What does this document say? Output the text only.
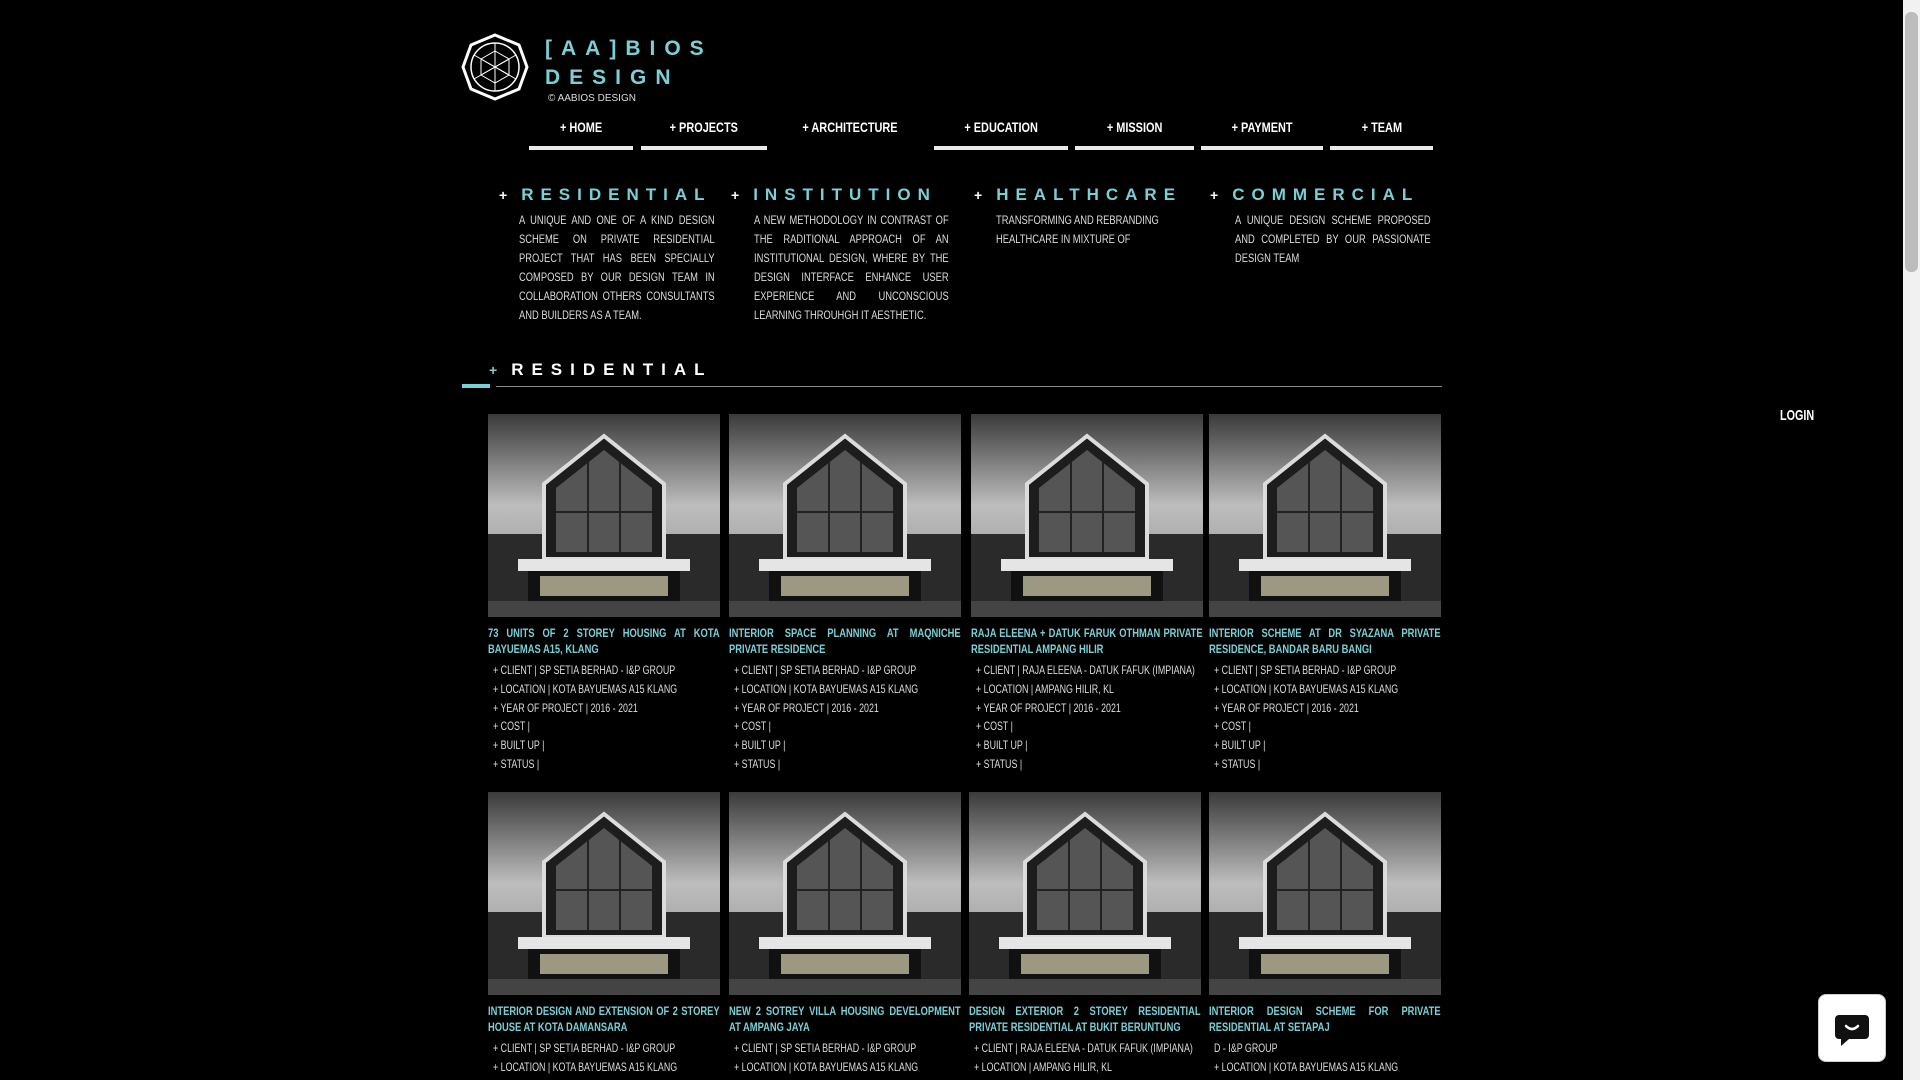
[AA]BIOS
DESIGN
© AABIOS DESIGN
+ HOME	+ PROJECTS	+ ARCHITECTURE	+ EDUCATION	+ MISSION	+ PAYMENT	+ TEAM
+ RESIDENTIAL
A UNIQUE AND ONE OF A KIND DESIGN SCHEME ON PRIVATE RESIDENTIAL PROJECT THAT HAS BEEN SPECIALLY COMPOSED BY OUR DESIGN TEAM IN COLLABORATION OTHERS CONSULTANTS AND BUILDERS AS A TEAM.
+ INSTITUTION
A NEW METHODOLOGY IN CONTRAST OF THE RADITIONAL APPROACH OF AN INSTITUTIONAL DESIGN, WHERE BY THE DESIGN INTERFACE ENHANCE USER EXPERIENCE AND UNCONSCIOUS LEARNING THROUHGH IT AESTHETIC.
+ HEALTHCARE
TRANSFORMING AND REBRANDING HEALTHCARE IN MIXTURE OF
+ COMMERCIAL
A UNIQUE DESIGN SCHEME PROPOSED AND COMPLETED BY OUR PASSIONATE DESIGN TEAM
+ RESIDENTIAL
LOGIN
73 UNITS OF 2 STOREY HOUSING AT KOTA BAYUEMAS A15, KLANG
+ CLIENT | SP SETIA BERHAD - I&P GROUP
+ LOCATION | KOTA BAYUEMAS A15 KLANG
+ YEAR OF PROJECT | 2016 - 2021
+ COST |
+ BUILT UP |
+ STATUS |
INTERIOR SPACE PLANNING AT MAQNICHE PRIVATE RESIDENCE
+ CLIENT | SP SETIA BERHAD - I&P GROUP
+ LOCATION | KOTA BAYUEMAS A15 KLANG
+ YEAR OF PROJECT | 2016 - 2021
+ COST |
+ BUILT UP |
+ STATUS |
RAJA ELEENA + DATUK FARUK OTHMAN PRIVATE RESIDENTIAL AMPANG HILIR
+ CLIENT | RAJA ELEENA - DATUK FAFUK (IMPIANA)
+ LOCATION | AMPANG HILIR, KL
+ YEAR OF PROJECT | 2016 - 2021
+ COST |
+ BUILT UP |
+ STATUS |
INTERIOR SCHEME AT DR SYAZANA PRIVATE RESIDENCE, BANDAR BARU BANGI
+ CLIENT | SP SETIA BERHAD - I&P GROUP
+ LOCATION | KOTA BAYUEMAS A15 KLANG
+ YEAR OF PROJECT | 2016 - 2021
+ COST |
+ BUILT UP |
+ STATUS |
INTERIOR DESIGN AND EXTENSION OF 2 STOREY HOUSE AT KOTA DAMANSARA
+ CLIENT | SP SETIA BERHAD - I&P GROUP
+ LOCATION | KOTA BAYUEMAS A15 KLANG
NEW 2 SOTREY VILLA HOUSING DEVELOPMENT AT AMPANG JAYA
+ CLIENT | SP SETIA BERHAD - I&P GROUP
+ LOCATION | KOTA BAYUEMAS A15 KLANG
DESIGN EXTERIOR 2 STOREY RESIDENTIAL PRIVATE RESIDENTIAL AT BUKIT BERUNTUNG
+ CLIENT | RAJA ELEENA - DATUK FAFUK (IMPIANA)
+ LOCATION | AMPANG HILIR, KL
INTERIOR DESIGN SCHEME FOR PRIVATE RESIDENTIAL AT SETAPAJ
D - I&P GROUP
+ LOCATION | KOTA BAYUEMAS A15 KLANG
